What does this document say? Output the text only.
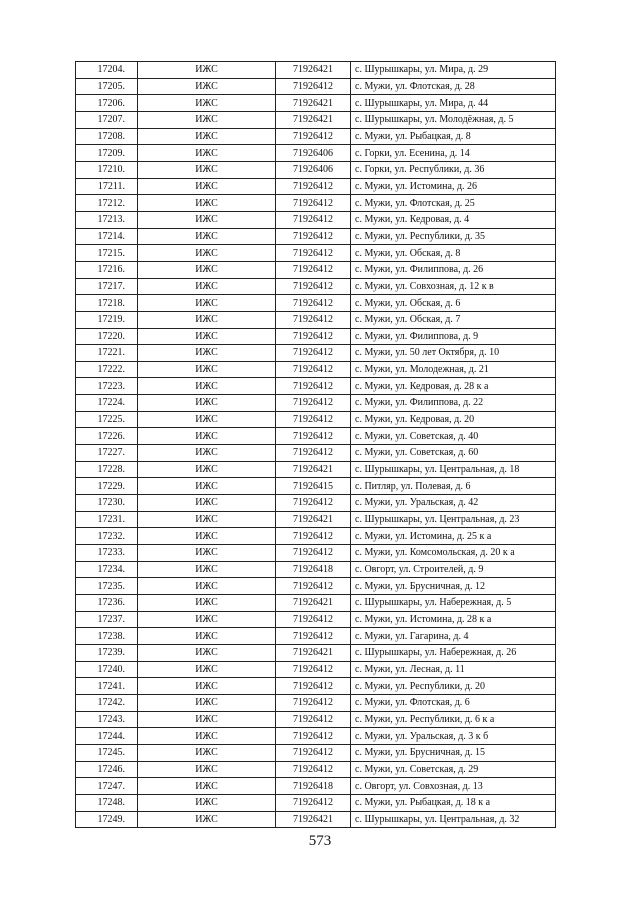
17204.	ИЖС	71926421	с. Шурышкары, ул. Мира, д. 29
17205.	ИЖС	71926412	с. Мужи, ул. Флотская, д. 28
17206.	ИЖС	71926421	с. Шурышкары, ул. Мира, д. 44
17207.	ИЖС	71926421	с. Шурышкары, ул. Молодёжная, д. 5
17208.	ИЖС	71926412	с. Мужи, ул. Рыбацкая, д. 8
17209.	ИЖС	71926406	с. Горки, ул. Есенина, д. 14
17210.	ИЖС	71926406	с. Горки, ул. Республики, д. 36
17211.	ИЖС	71926412	с. Мужи, ул. Истомина, д. 26
17212.	ИЖС	71926412	с. Мужи, ул. Флотская, д. 25
17213.	ИЖС	71926412	с. Мужи, ул. Кедровая, д. 4
17214.	ИЖС	71926412	с. Мужи, ул. Республики, д. 35
17215.	ИЖС	71926412	с. Мужи, ул. Обская, д. 8
17216.	ИЖС	71926412	с. Мужи, ул. Филиппова, д. 26
17217.	ИЖС	71926412	с. Мужи, ул. Совхозная, д. 12 к в
17218.	ИЖС	71926412	с. Мужи, ул. Обская, д. 6
17219.	ИЖС	71926412	с. Мужи, ул. Обская, д. 7
17220.	ИЖС	71926412	с. Мужи, ул. Филиппова, д. 9
17221.	ИЖС	71926412	с. Мужи, ул. 50 лет Октября, д. 10
17222.	ИЖС	71926412	с. Мужи, ул. Молодежная, д. 21
17223.	ИЖС	71926412	с. Мужи, ул. Кедровая, д. 28 к а
17224.	ИЖС	71926412	с. Мужи, ул. Филиппова, д. 22
17225.	ИЖС	71926412	с. Мужи, ул. Кедровая, д. 20
17226.	ИЖС	71926412	с. Мужи, ул. Советская, д. 40
17227.	ИЖС	71926412	с. Мужи, ул. Советская, д. 60
17228.	ИЖС	71926421	с. Шурышкары, ул. Центральная, д. 18
17229.	ИЖС	71926415	с. Питляр, ул. Полевая, д. 6
17230.	ИЖС	71926412	с. Мужи, ул. Уральская, д. 42
17231.	ИЖС	71926421	с. Шурышкары, ул. Центральная, д. 23
17232.	ИЖС	71926412	с. Мужи, ул. Истомина, д. 25 к а
17233.	ИЖС	71926412	с. Мужи, ул. Комсомольская, д. 20 к а
17234.	ИЖС	71926418	с. Овгорт, ул. Строителей, д. 9
17235.	ИЖС	71926412	с. Мужи, ул. Брусничная, д. 12
17236.	ИЖС	71926421	с. Шурышкары, ул. Набережная, д. 5
17237.	ИЖС	71926412	с. Мужи, ул. Истомина, д. 28 к а
17238.	ИЖС	71926412	с. Мужи, ул. Гагарина, д. 4
17239.	ИЖС	71926421	с. Шурышкары, ул. Набережная, д. 26
17240.	ИЖС	71926412	с. Мужи, ул. Лесная, д. 11
17241.	ИЖС	71926412	с. Мужи, ул. Республики, д. 20
17242.	ИЖС	71926412	с. Мужи, ул. Флотская, д. 6
17243.	ИЖС	71926412	с. Мужи, ул. Республики, д. 6 к а
17244.	ИЖС	71926412	с. Мужи, ул. Уральская, д. 3 к б
17245.	ИЖС	71926412	с. Мужи, ул. Брусничная, д. 15
17246.	ИЖС	71926412	с. Мужи, ул. Советская, д. 29
17247.	ИЖС	71926418	с. Овгорт, ул. Совхозная, д. 13
17248.	ИЖС	71926412	с. Мужи, ул. Рыбацкая, д. 18 к а
17249.	ИЖС	71926421	с. Шурышкары, ул. Центральная, д. 32
573
